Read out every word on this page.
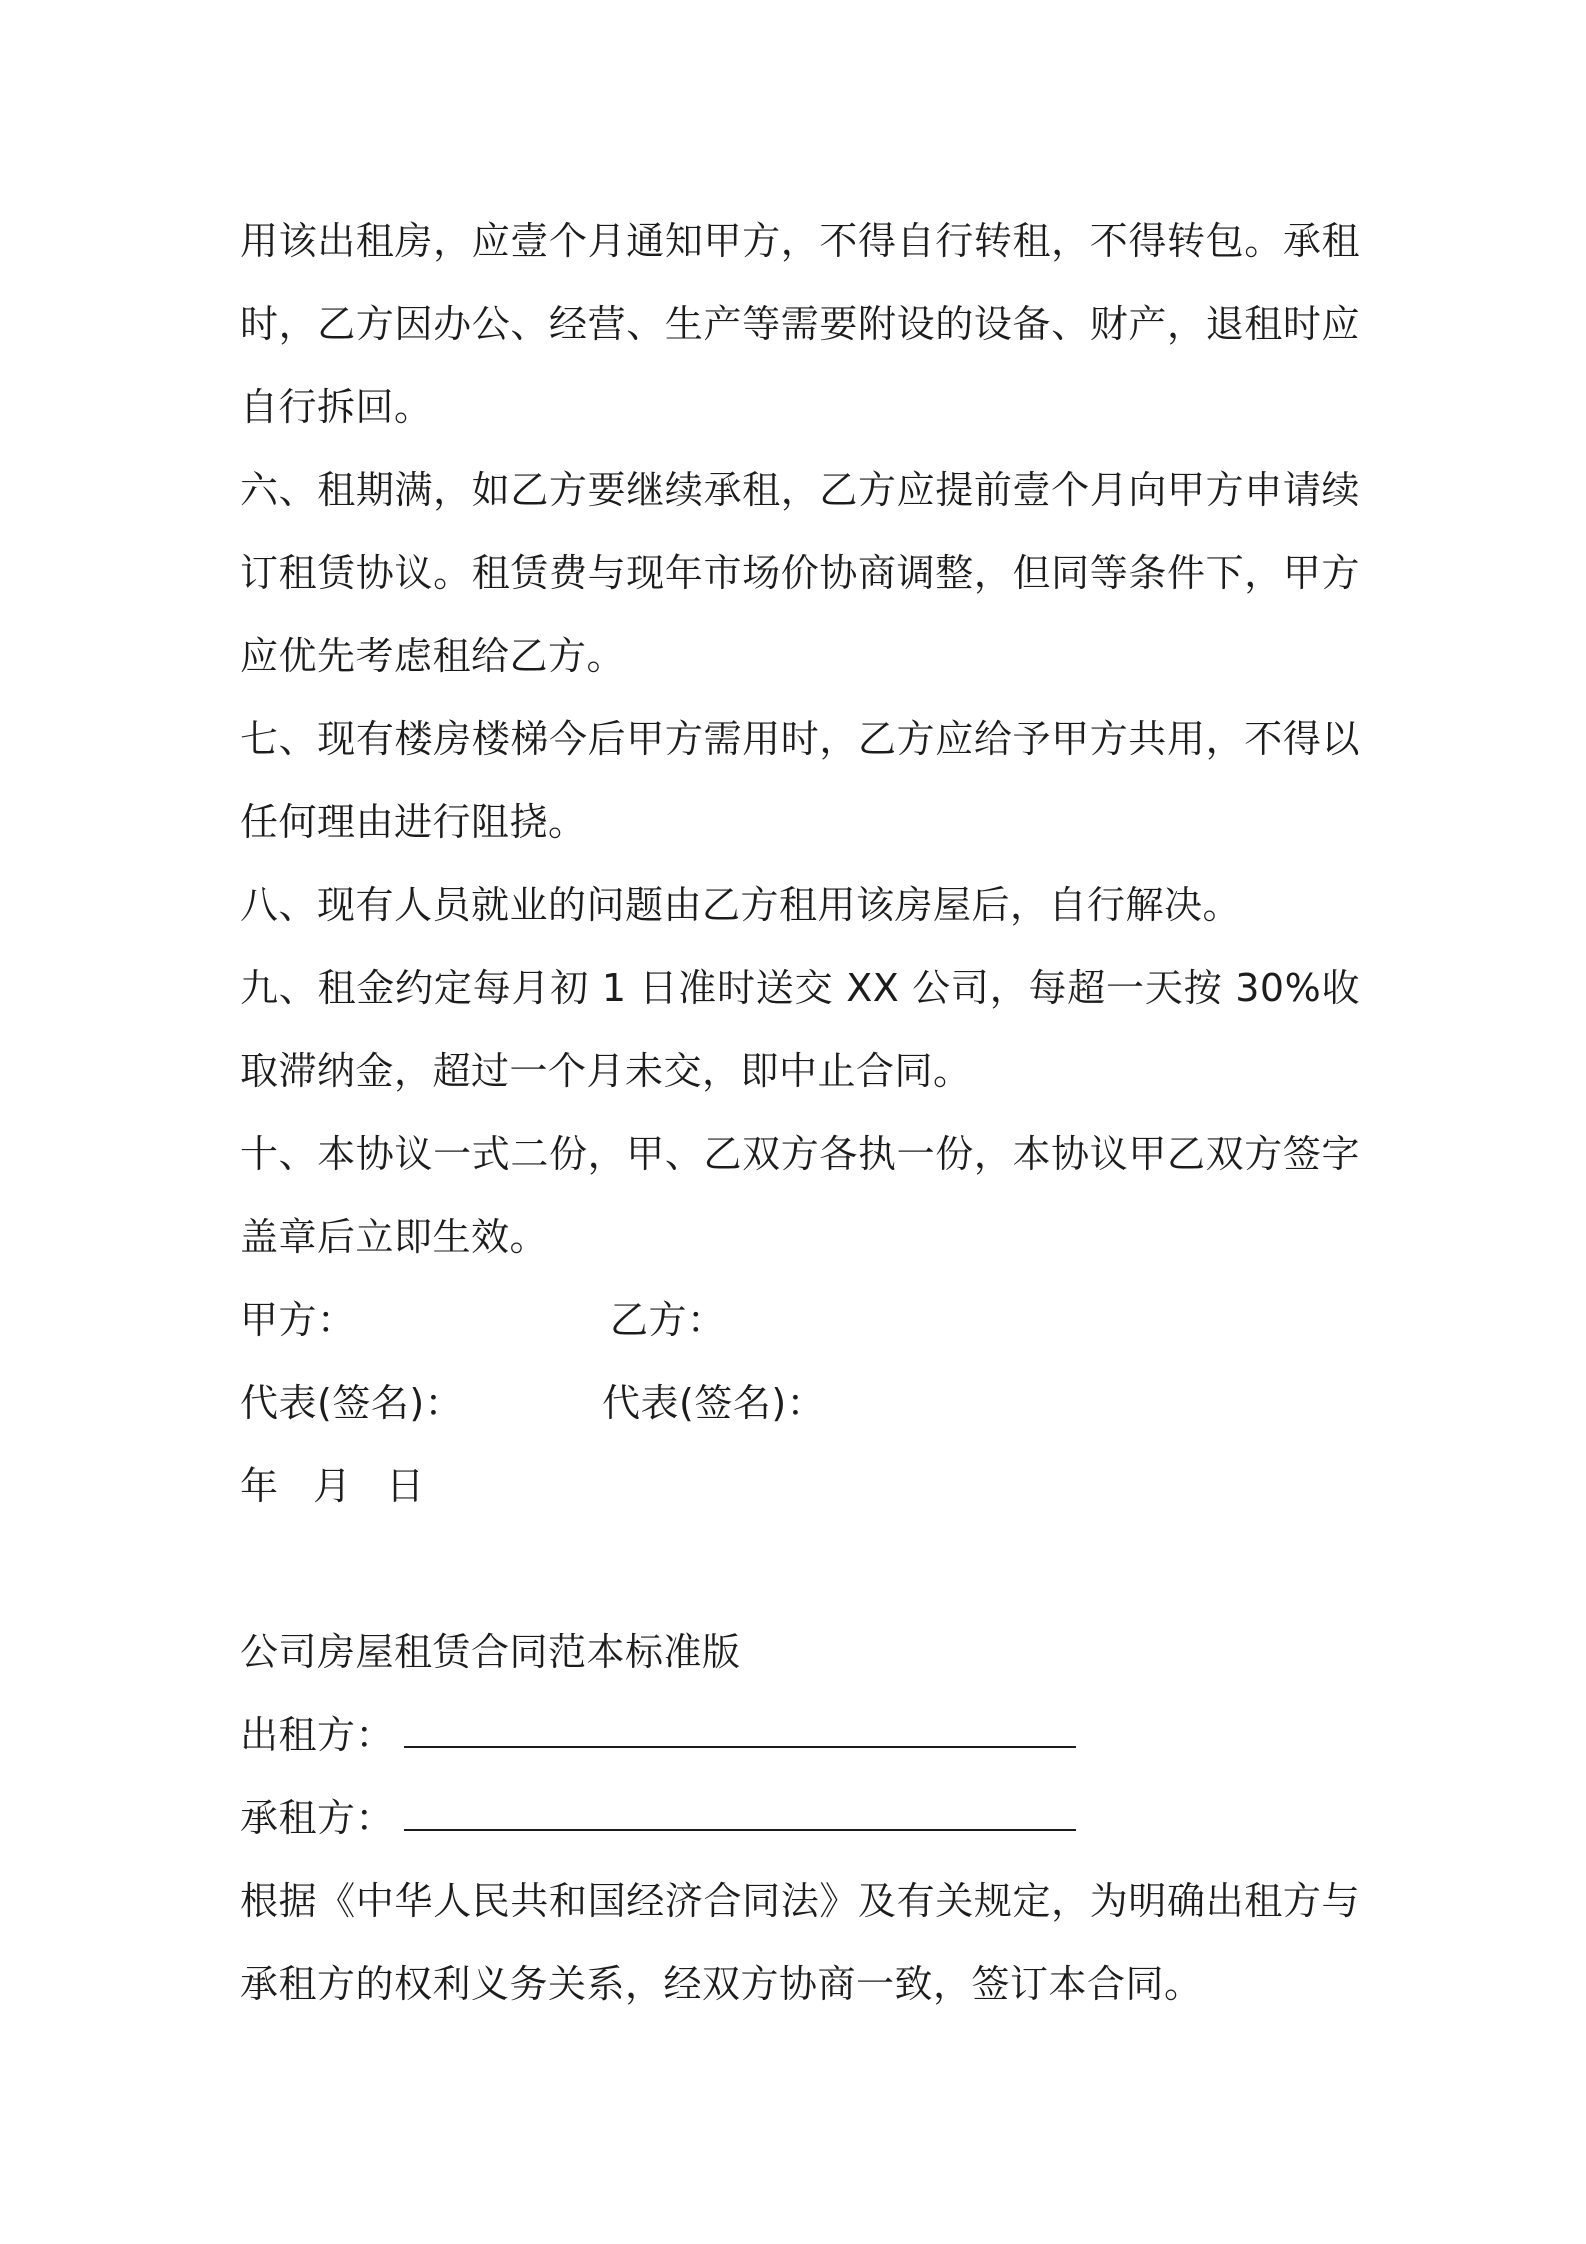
用该出租房，应壹个月通知甲方，不得自行转租，不得转包。承租时，乙方因办公、经营、生产等需要附设的设备、财产，退租时应自行拆回。

六、租期满，如乙方要继续承租，乙方应提前壹个月向甲方申请续订租赁协议。租赁费与现年市场价协商调整，但同等条件下，甲方应优先考虑租给乙方。

七、现有楼房楼梯今后甲方需用时，乙方应给予甲方共用，不得以任何理由进行阻挠。

八、现有人员就业的问题由乙方租用该房屋后，自行解决。

九、租金约定每月初 1 日准时送交 XX 公司，每超一天按 30%收取滞纳金，超过一个月未交，即中止合同。

十、本协议一式二份，甲、乙双方各执一份，本协议甲乙双方签字盖章后立即生效。

甲方：	乙方：
代表(签名)：	代表(签名)：

年 月 日

公司房屋租赁合同范本标准版

出租方：
承租方：

根据《中华人民共和国经济合同法》及有关规定，为明确出租方与承租方的权利义务关系，经双方协商一致，签订本合同。
